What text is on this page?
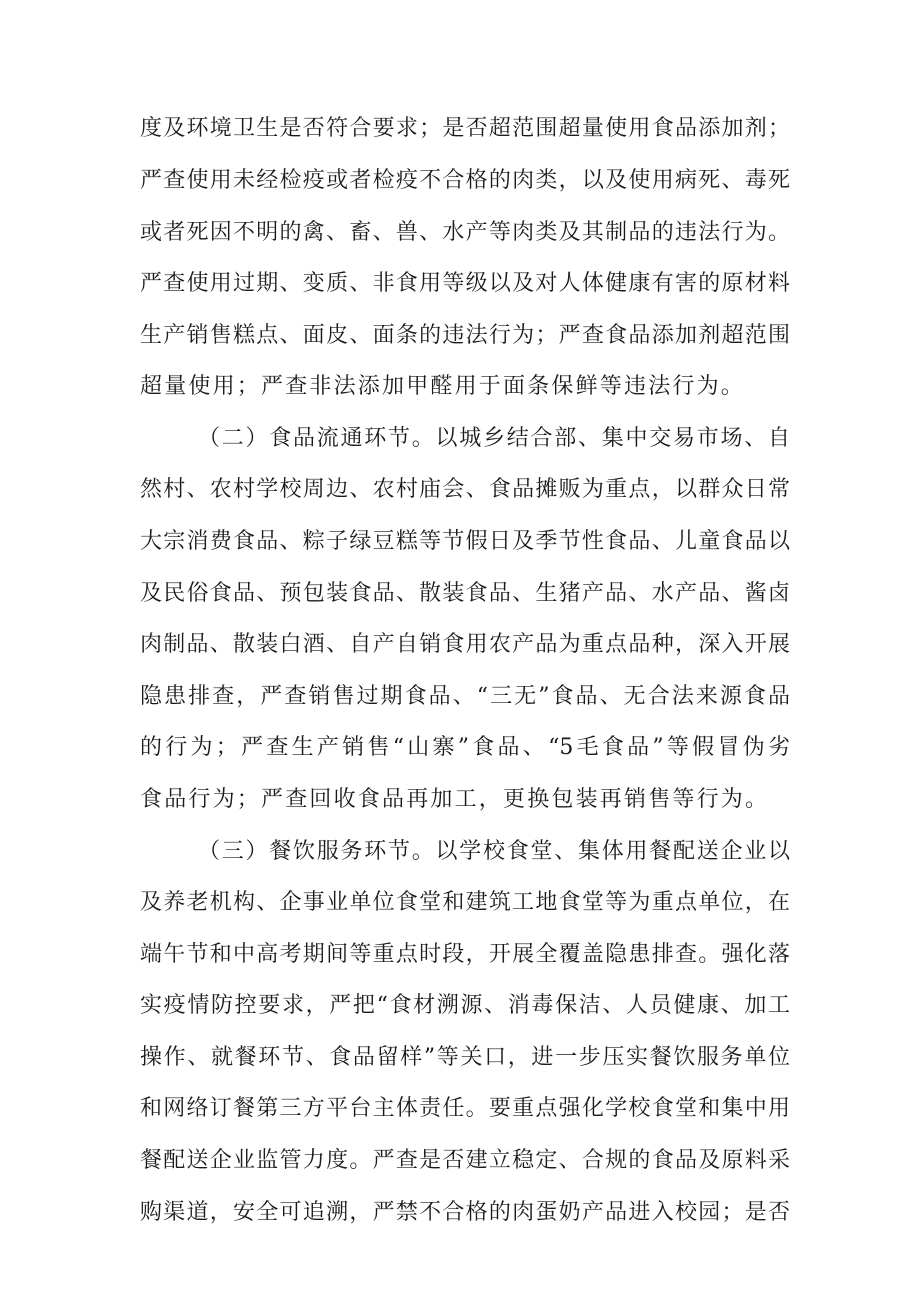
度及环境卫生是否符合要求；是否超范围超量使用食品添加剂；
严查使用未经检疫或者检疫不合格的肉类，以及使用病死、毒死
或者死因不明的禽、畜、兽、水产等肉类及其制品的违法行为。
严查使用过期、变质、非食用等级以及对人体健康有害的原材料
生产销售糕点、面皮、面条的违法行为；严查食品添加剂超范围
超量使用；严查非法添加甲醛用于面条保鲜等违法行为。
（二）食品流通环节。以城乡结合部、集中交易市场、自
然村、农村学校周边、农村庙会、食品摊贩为重点，以群众日常
大宗消费食品、粽子绿豆糕等节假日及季节性食品、儿童食品以
及民俗食品、预包装食品、散装食品、生猪产品、水产品、酱卤
肉制品、散装白酒、自产自销食用农产品为重点品种，深入开展
隐患排查，严查销售过期食品、“三无”食品、无合法来源食品
的行为；严查生产销售“山寨”食品、“5毛食品”等假冒伪劣
食品行为；严查回收食品再加工，更换包装再销售等行为。
（三）餐饮服务环节。以学校食堂、集体用餐配送企业以
及养老机构、企事业单位食堂和建筑工地食堂等为重点单位，在
端午节和中高考期间等重点时段，开展全覆盖隐患排查。强化落
实疫情防控要求，严把“食材溯源、消毒保洁、人员健康、加工
操作、就餐环节、食品留样”等关口，进一步压实餐饮服务单位
和网络订餐第三方平台主体责任。要重点强化学校食堂和集中用
餐配送企业监管力度。严查是否建立稳定、合规的食品及原料采
购渠道，安全可追溯，严禁不合格的肉蛋奶产品进入校园；是否
